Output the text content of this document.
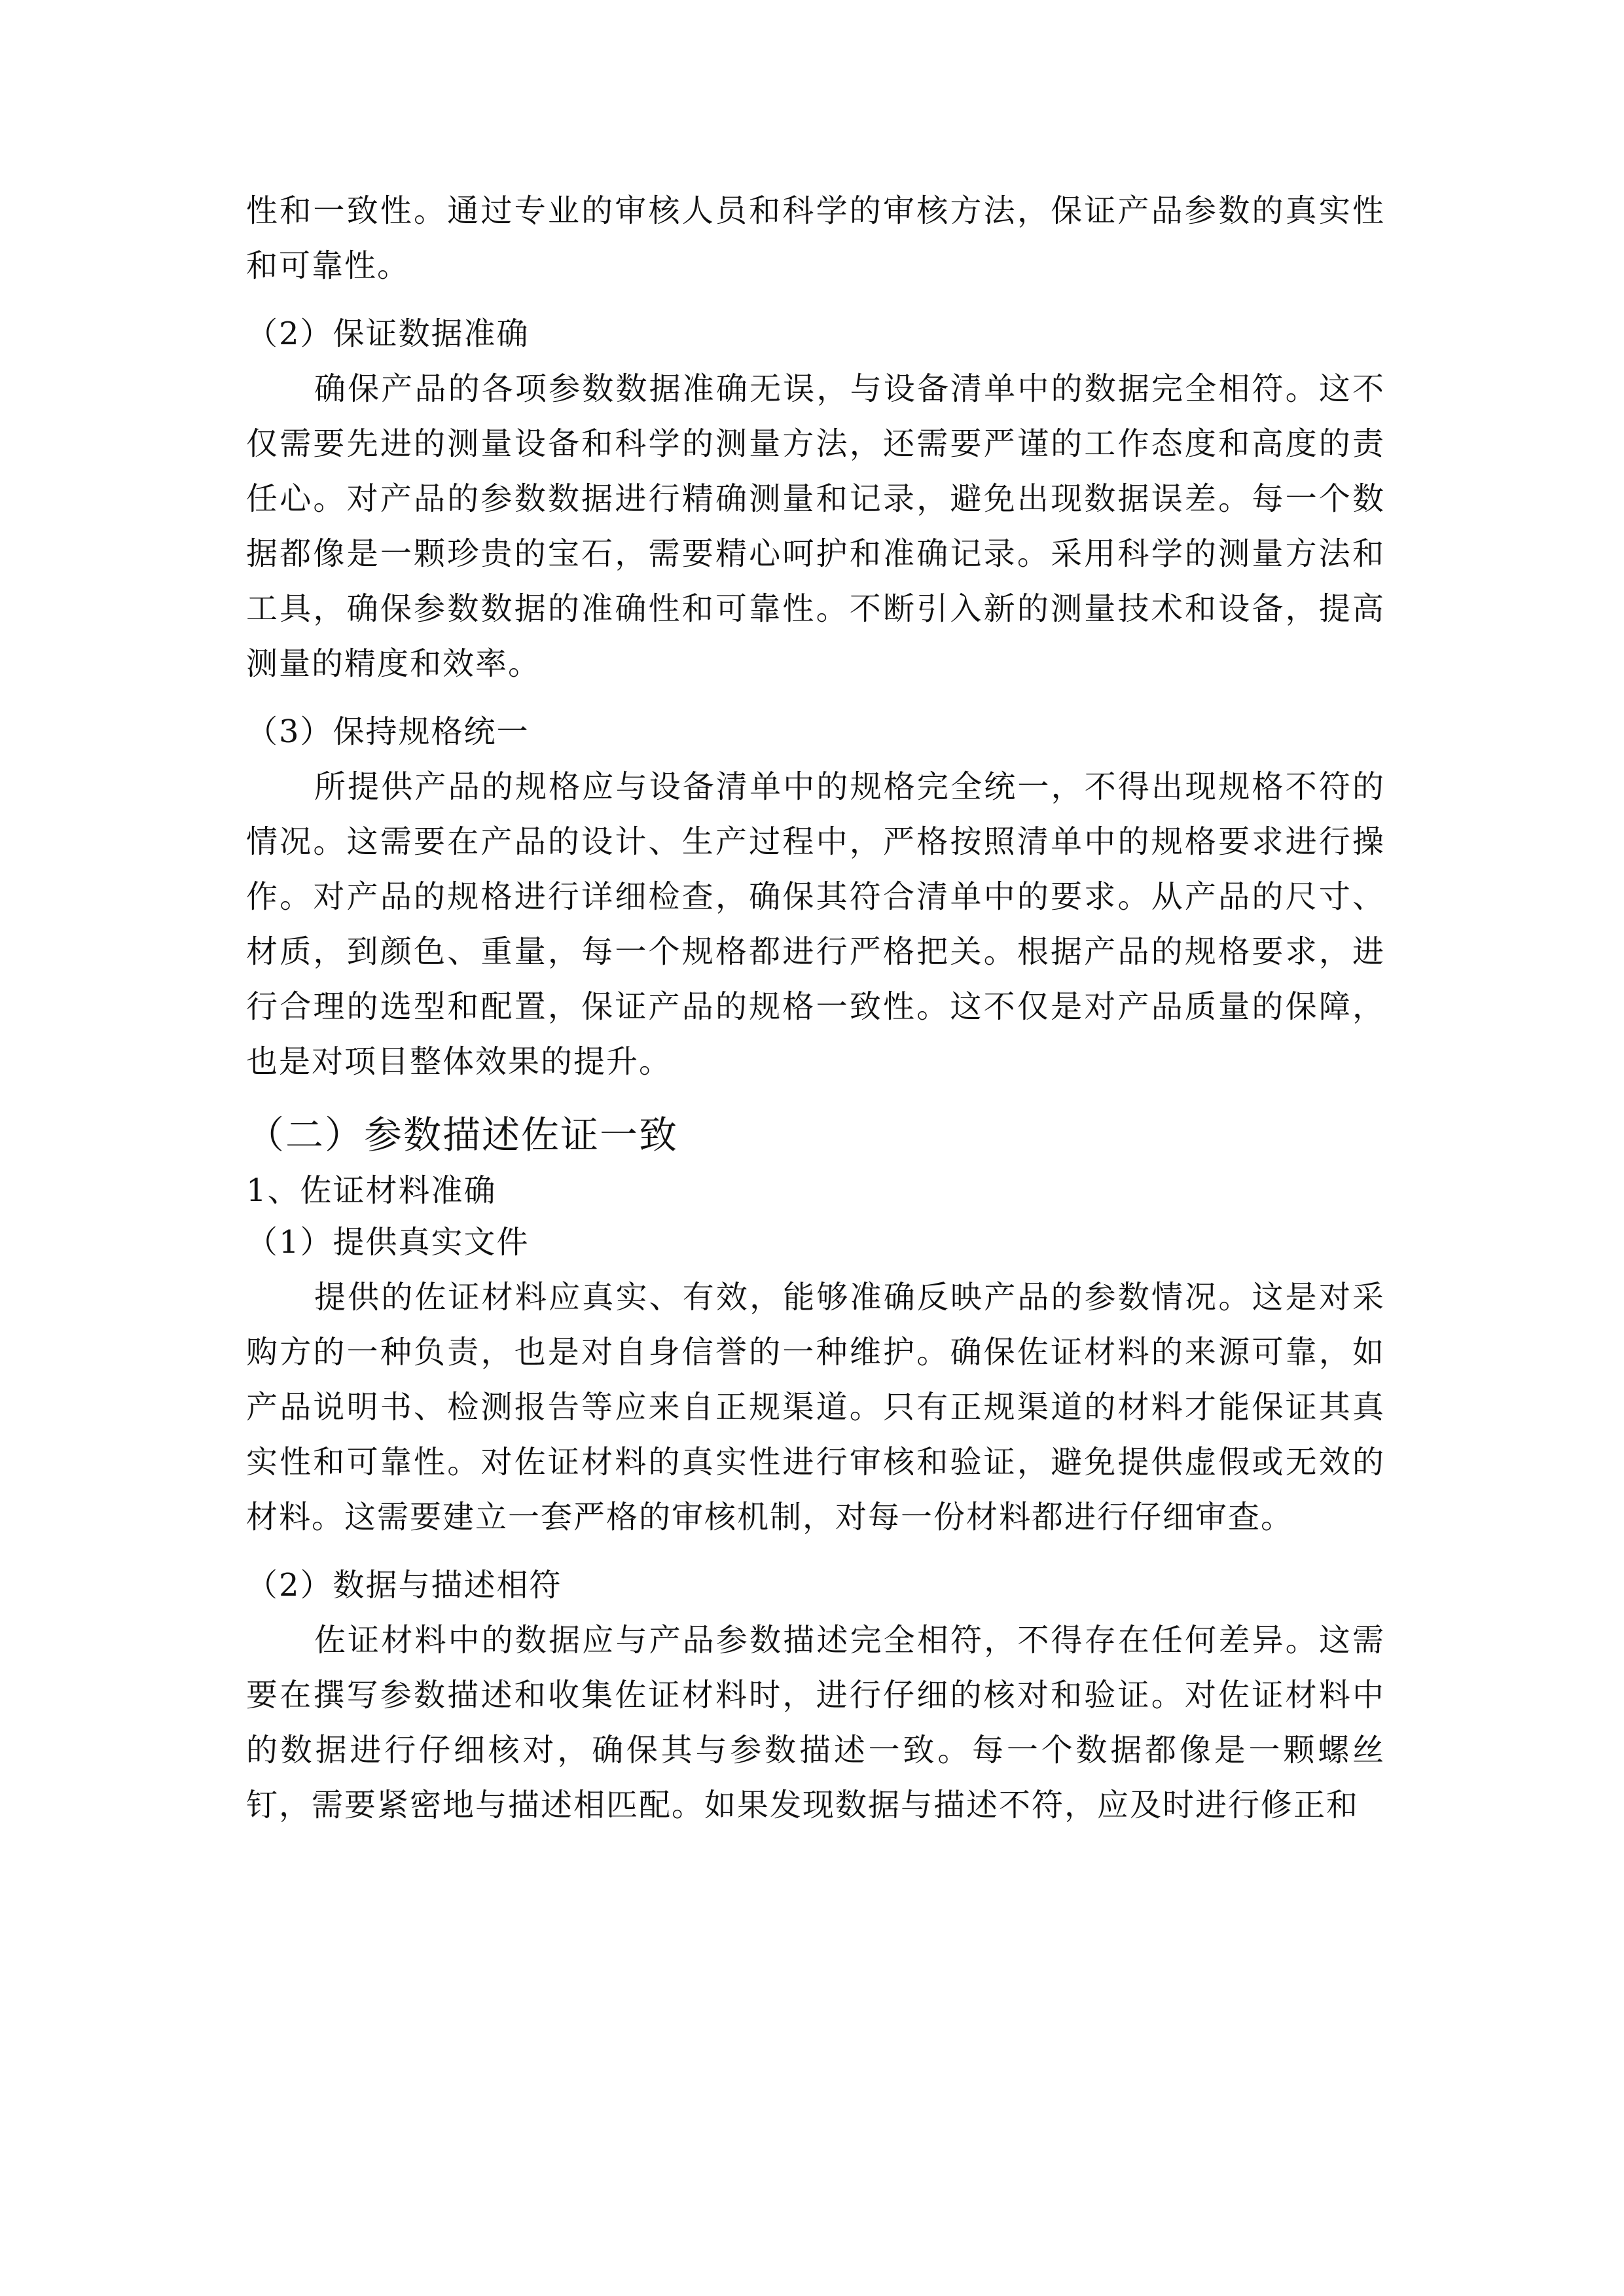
性和一致性。通过专业的审核人员和科学的审核方法，保证产品参数的真实性和可靠性。

（2）保证数据准确

确保产品的各项参数数据准确无误，与设备清单中的数据完全相符。这不仅需要先进的测量设备和科学的测量方法，还需要严谨的工作态度和高度的责任心。对产品的参数数据进行精确测量和记录，避免出现数据误差。每一个数据都像是一颗珍贵的宝石，需要精心呵护和准确记录。采用科学的测量方法和工具，确保参数数据的准确性和可靠性。不断引入新的测量技术和设备，提高测量的精度和效率。

（3）保持规格统一

所提供产品的规格应与设备清单中的规格完全统一，不得出现规格不符的情况。这需要在产品的设计、生产过程中，严格按照清单中的规格要求进行操作。对产品的规格进行详细检查，确保其符合清单中的要求。从产品的尺寸、材质，到颜色、重量，每一个规格都进行严格把关。根据产品的规格要求，进行合理的选型和配置，保证产品的规格一致性。这不仅是对产品质量的保障，也是对项目整体效果的提升。

（二）参数描述佐证一致

1、佐证材料准确

（1）提供真实文件

提供的佐证材料应真实、有效，能够准确反映产品的参数情况。这是对采购方的一种负责，也是对自身信誉的一种维护。确保佐证材料的来源可靠，如产品说明书、检测报告等应来自正规渠道。只有正规渠道的材料才能保证其真实性和可靠性。对佐证材料的真实性进行审核和验证，避免提供虚假或无效的材料。这需要建立一套严格的审核机制，对每一份材料都进行仔细审查。

（2）数据与描述相符

佐证材料中的数据应与产品参数描述完全相符，不得存在任何差异。这需要在撰写参数描述和收集佐证材料时，进行仔细的核对和验证。对佐证材料中的数据进行仔细核对，确保其与参数描述一致。每一个数据都像是一颗螺丝钉，需要紧密地与描述相匹配。如果发现数据与描述不符，应及时进行修正和
